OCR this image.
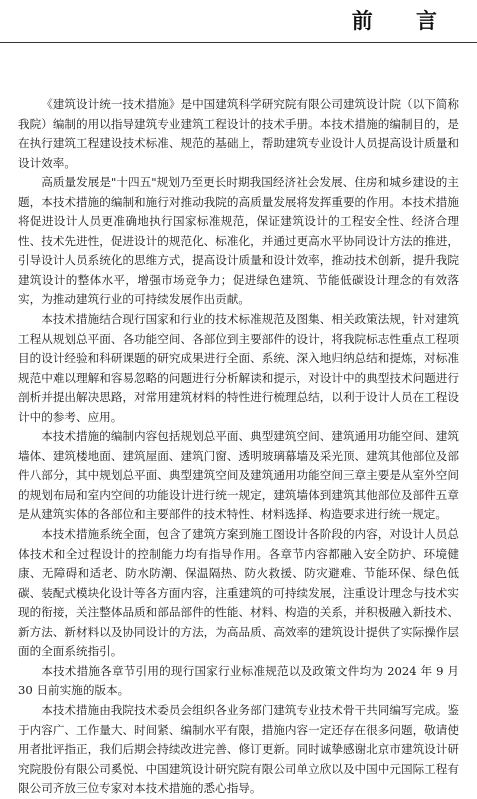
前 言

《建筑设计统一技术措施》是中国建筑科学研究院有限公司建筑设计院（以下简称我院）编制的用以指导建筑专业建筑工程设计的技术手册。本技术措施的编制目的，是在执行建筑工程建设技术标准、规范的基础上，帮助建筑专业设计人员提高设计质量和设计效率。

高质量发展是"十四五"规划乃至更长时期我国经济社会发展、住房和城乡建设的主题，本技术措施的编制和施行对推动我院的高质量发展将发挥重要的作用。本技术措施将促进设计人员更准确地执行国家标准规范，保证建筑设计的工程安全性、经济合理性、技术先进性，促进设计的规范化、标准化，并通过更高水平协同设计方法的推进，引导设计人员系统化的思维方式，提高设计质量和设计效率，推动技术创新，提升我院建筑设计的整体水平，增强市场竞争力；促进绿色建筑、节能低碳设计理念的有效落实，为推动建筑行业的可持续发展作出贡献。

本技术措施结合现行国家和行业的技术标准规范及图集、相关政策法规，针对建筑工程从规划总平面、各功能空间、各部位到主要部件的设计，将我院标志性重点工程项目的设计经验和科研课题的研究成果进行全面、系统、深入地归纳总结和提炼，对标准规范中难以理解和容易忽略的问题进行分析解读和提示，对设计中的典型技术问题进行剖析并提出解决思路，对常用建筑材料的特性进行梳理总结，以利于设计人员在工程设计中的参考、应用。

本技术措施的编制内容包括规划总平面、典型建筑空间、建筑通用功能空间、建筑墙体、建筑楼地面、建筑屋面、建筑门窗、透明玻璃幕墙及采光顶、建筑其他部位及部件八部分，其中规划总平面、典型建筑空间及建筑通用功能空间三章主要是从室外空间的规划布局和室内空间的功能设计进行统一规定，建筑墙体到建筑其他部位及部件五章是从建筑实体的各部位和主要部件的技术特性、材料选择、构造要求进行统一规定。

本技术措施系统全面，包含了建筑方案到施工图设计各阶段的内容，对设计人员总体技术和全过程设计的控制能力均有指导作用。各章节内容都融入安全防护、环境健康、无障碍和适老、防水防潮、保温隔热、防火救援、防灾避难、节能环保、绿色低碳、装配式模块化设计等各方面内容，注重建筑的可持续发展，注重设计理念与技术实现的衔接，关注整体品质和部品部件的性能、材料、构造的关系，并积极融入新技术、新方法、新材料以及协同设计的方法，为高品质、高效率的建筑设计提供了实际操作层面的全面系统指引。

本技术措施各章节引用的现行国家行业标准规范以及政策文件均为 2024 年 9 月 30 日前实施的版本。

本技术措施由我院技术委员会组织各业务部门建筑专业技术骨干共同编写完成。鉴于内容广、工作量大、时间紧、编制水平有限，措施内容一定还存在很多问题，敬请使用者批评指正，我们后期会持续改进完善、修订更新。同时诚挚感谢北京市建筑设计研究院股份有限公司奚悦、中国建筑设计研究院有限公司单立欣以及中国中元国际工程有限公司齐放三位专家对本技术措施的悉心指导。
